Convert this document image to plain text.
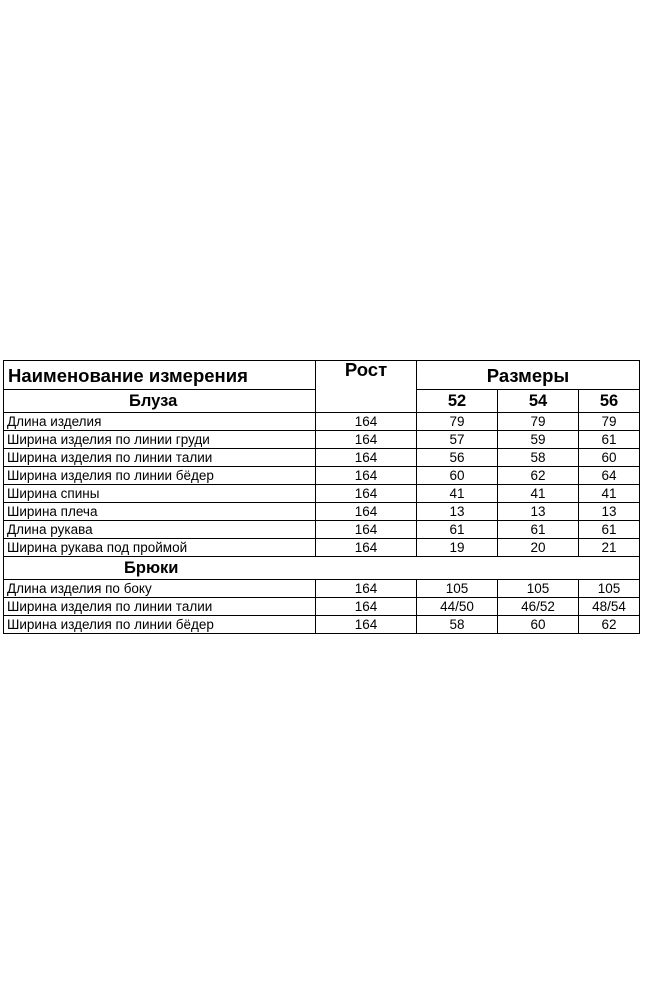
Наименование измерения	Рост	Размеры		
Блуза		52	54	56
Длина изделия	164	79	79	79
Ширина изделия по линии груди	164	57	59	61
Ширина изделия по линии талии	164	56	58	60
Ширина изделия по линии бёдер	164	60	62	64
Ширина спины	164	41	41	41
Ширина плеча	164	13	13	13
Длина рукава	164	61	61	61
Ширина рукава под проймой	164	19	20	21
Брюки				
Длина изделия по боку	164	105	105	105
Ширина изделия по линии талии	164	44/50	46/52	48/54
Ширина изделия по линии бёдер	164	58	60	62
